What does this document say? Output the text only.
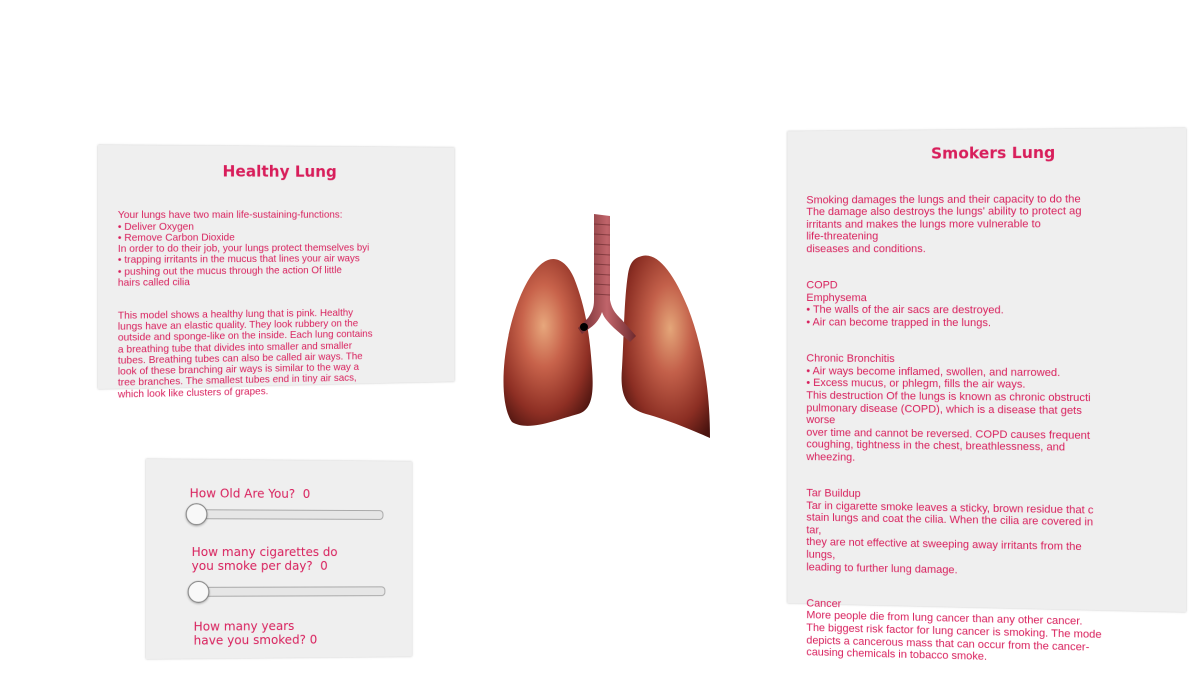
Healthy Lung

Your lungs have two main life-sustaining-functions:
• Deliver Oxygen
• Remove Carbon Dioxide
In order to do their job, your lungs protect themselves byi
• trapping irritants in the mucus that lines your air ways
• pushing out the mucus through the action Of little
hairs called cilia

This model shows a healthy lung that is pink. Healthy
lungs have an elastic quality. They look rubbery on the
outside and sponge-like on the inside. Each lung contains
a breathing tube that divides into smaller and smaller
tubes. Breathing tubes can also be called air ways. The
look of these branching air ways is similar to the way a
tree branches. The smallest tubes end in tiny air sacs,
which look like clusters of grapes.

Smokers Lung

Smoking damages the lungs and their capacity to do the
The damage also destroys the lungs' ability to protect ag
irritants and makes the lungs more vulnerable to
life-threatening
diseases and conditions.

COPD
Emphysema
• The walls of the air sacs are destroyed.
• Air can become trapped in the lungs.

Chronic Bronchitis
• Air ways become inflamed, swollen, and narrowed.
• Excess mucus, or phlegm, fills the air ways.
This destruction Of the lungs is known as chronic obstructi
pulmonary disease (COPD), which is a disease that gets
worse
over time and cannot be reversed. COPD causes frequent
coughing, tightness in the chest, breathlessness, and
wheezing.

Tar Buildup
Tar in cigarette smoke leaves a sticky, brown residue that c
stain lungs and coat the cilia. When the cilia are covered in
tar,
they are not effective at sweeping away irritants from the
lungs,
leading to further lung damage.

Cancer
More people die from lung cancer than any other cancer.
The biggest risk factor for lung cancer is smoking. The mode
depicts a cancerous mass that can occur from the cancer-
causing chemicals in tobacco smoke.

How Old Are You? 0
How many cigarettes do
you smoke per day? 0
How many years
have you smoked? 0
